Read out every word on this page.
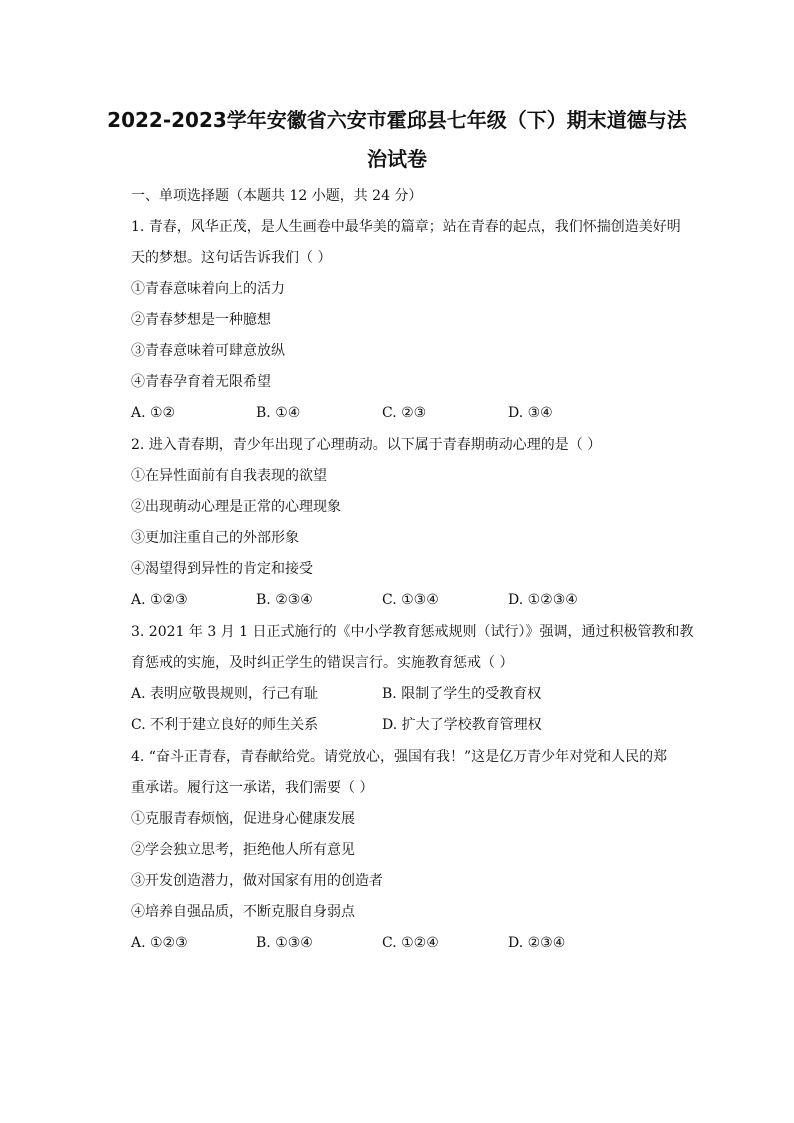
2022-2023学年安徽省六安市霍邱县七年级（下）期末道德与法
治试卷
一、单项选择题（本题共 12 小题，共 24 分）
1. 青春，风华正茂，是人生画卷中最华美的篇章；站在青春的起点，我们怀揣创造美好明
天的梦想。这句话告诉我们（ ）
①青春意味着向上的活力
②青春梦想是一种臆想
③青春意味着可肆意放纵
④青春孕育着无限希望
A. ①②	B. ①④	C. ②③	D. ③④
2. 进入青春期，青少年出现了心理萌动。以下属于青春期萌动心理的是（ ）
①在异性面前有自我表现的欲望
②出现萌动心理是正常的心理现象
③更加注重自己的外部形象
④渴望得到异性的肯定和接受
A. ①②③	B. ②③④	C. ①③④	D. ①②③④
3. 2021 年 3 月 1 日正式施行的《中小学教育惩戒规则（试行）》强调，通过积极管教和教
育惩戒的实施，及时纠正学生的错误言行。实施教育惩戒（ ）
A. 表明应敬畏规则，行己有耻	B. 限制了学生的受教育权
C. 不利于建立良好的师生关系	D. 扩大了学校教育管理权
4. “奋斗正青春，青春献给党。请党放心，强国有我！”这是亿万青少年对党和人民的郑
重承诺。履行这一承诺，我们需要（ ）
①克服青春烦恼，促进身心健康发展
②学会独立思考，拒绝他人所有意见
③开发创造潜力，做对国家有用的创造者
④培养自强品质，不断克服自身弱点
A. ①②③	B. ①③④	C. ①②④	D. ②③④
